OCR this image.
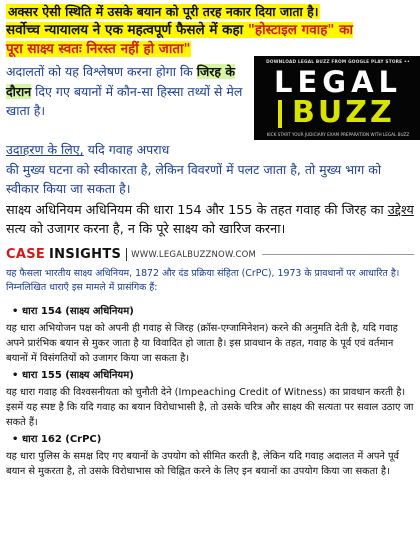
अक्सर ऐसी स्थिति में उसके बयान को पूरी तरह नकार दिया जाता है।
सर्वोच्च न्यायालय ने एक महत्वपूर्ण फैसले में कहा "होस्टाइल गवाह" का
पूरा साक्ष्य स्वतः निरस्त नहीं हो जाता"
अदालतों को यह विश्लेषण करना होगा कि जिरह के दौरान दिए गए बयानों में कौन-सा हिस्सा तथ्यों से मेल खाता है।
DOWNLOAD LEGAL BUZZ FROM GOOGLE PLAY STORE ••
LEGAL
BUZZ
KICK START YOUR JUDICIARY EXAM PREPARATION WITH LEGAL BUZZ
उदाहरण के लिए, यदि गवाह अपराध
की मुख्य घटना को स्वीकारता है, लेकिन विवरणों में पलट जाता है, तो मुख्य भाग को स्वीकार किया जा सकता है।
साक्ष्य अधिनियम अधिनियम की धारा 154 और 155 के तहत गवाह की जिरह का उद्देश्य सत्य को उजागर करना है, न कि पूरे साक्ष्य को खारिज करना।
CASE INSIGHTS WWW.LEGALBUZZNOW.COM
यह फैसला भारतीय साक्ष्य अधिनियम, 1872 और दंड प्रक्रिया संहिता (CrPC), 1973 के प्रावधानों पर आधारित है। निम्नलिखित धाराएँ इस मामले में प्रासंगिक हैं:
• धारा 154 (साक्ष्य अधिनियम)
यह धारा अभियोजन पक्ष को अपनी ही गवाह से जिरह (क्रॉस-एग्जामिनेशन) करने की अनुमति देती है, यदि गवाह अपने प्रारंभिक बयान से मुकर जाता है या विवादित हो जाता है। इस प्रावधान के तहत, गवाह के पूर्व एवं वर्तमान बयानों में विसंगतियों को उजागर किया जा सकता है।
• धारा 155 (साक्ष्य अधिनियम)
यह धारा गवाह की विश्वसनीयता को चुनौती देने (Impeaching Credit of Witness) का प्रावधान करती है। इसमें यह स्पष्ट है कि यदि गवाह का बयान विरोधाभासी है, तो उसके चरित्र और साक्ष्य की सत्यता पर सवाल उठाए जा सकते हैं।
• धारा 162 (CrPC)
यह धारा पुलिस के समक्ष दिए गए बयानों के उपयोग को सीमित करती है, लेकिन यदि गवाह अदालत में अपने पूर्व बयान से मुकरता है, तो उसके विरोधाभास को चिह्नित करने के लिए इन बयानों का उपयोग किया जा सकता है।
